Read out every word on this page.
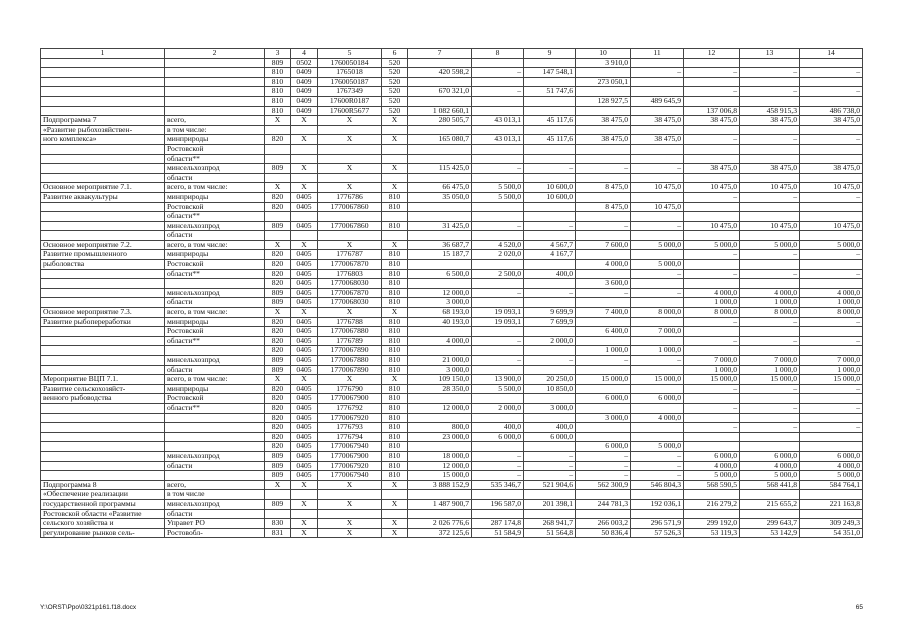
1	2	3	4	5	6	7	8	9	10	11	12	13	14
		809	0502	1760050184	520				3 910,0				
		810	0409	1765018	520	420 598,2	–	147 548,1		–	–	–	–
		810	0409	1760050187	520				273 050,1				
		810	0409	1767349	520	670 321,0	–	51 747,6			–	–	–
		810	0409	17600R0187	520				128 927,5	489 645,9			
		810	0409	17600R5677	520	1 082 660,1					137 006,8	458 915,3	486 738,0
Подпрограмма 7	всего,	X	X	X	X	280 505,7	43 013,1	45 117,6	38 475,0	38 475,0	38 475,0	38 475,0	38 475,0
«Развитие рыбохозяйствен-	в том числе:												
ного комплекса»	минприроды	820	X	X	X	165 080,7	43 013,1	45 117,6	38 475,0	38 475,0	–	–	–
	Ростовской												
	области**												
	минсельхозпрод	809	X	X	X	115 425,0	–	–	–	–	38 475,0	38 475,0	38 475,0
	области												
Основное мероприятие 7.1.	всего, в том числе:	X	X	X	X	66 475,0	5 500,0	10 600,0	8 475,0	10 475,0	10 475,0	10 475,0	10 475,0
Развитие аквакультуры	минприроды	820	0405	1776786	810	35 050,0	5 500,0	10 600,0			–	–	–
	Ростовской	820	0405	1770067860	810				8 475,0	10 475,0			
	области**												
	минсельхозпрод	809	0405	1770067860	810	31 425,0	–	–	–	–	10 475,0	10 475,0	10 475,0
	области												
Основное мероприятие 7.2.	всего, в том числе:	X	X	X	X	36 687,7	4 520,0	4 567,7	7 600,0	5 000,0	5 000,0	5 000,0	5 000,0
Развитие промышленного	минприроды	820	0405	1776787	810	15 187,7	2 020,0	4 167,7			–	–	–
рыболовства	Ростовской	820	0405	1770067870	810				4 000,0	5 000,0			
	области**	820	0405	1776803	810	6 500,0	2 500,0	400,0		–	–	–	–
		820	0405	1770068030	810				3 600,0				
	минсельхозпрод	809	0405	1770067870	810	12 000,0	–	–	–	–	4 000,0	4 000,0	4 000,0
	области	809	0405	1770068030	810	3 000,0					1 000,0	1 000,0	1 000,0
Основное мероприятие 7.3.	всего, в том числе:	X	X	X	X	68 193,0	19 093,1	9 699,9	7 400,0	8 000,0	8 000,0	8 000,0	8 000,0
Развитие рыбопереработки	минприроды	820	0405	1776788	810	40 193,0	19 093,1	7 699,9			–	–	–
	Ростовской	820	0405	1770067880	810				6 400,0	7 000,0			
	области**	820	0405	1776789	810	4 000,0	–	2 000,0			–	–	–
		820	0405	1770067890	810				1 000,0	1 000,0			
	минсельхозпрод	809	0405	1770067880	810	21 000,0	–	–	–	–	7 000,0	7 000,0	7 000,0
	области	809	0405	1770067890	810	3 000,0					1 000,0	1 000,0	1 000,0
Мероприятие ВЦП 7.1.	всего, в том числе:	X	X	X	X	109 150,0	13 900,0	20 250,0	15 000,0	15 000,0	15 000,0	15 000,0	15 000,0
Развитие сельскохозяйст-	минприроды	820	0405	1776790	810	28 350,0	5 500,0	10 850,0			–	–	–
венного рыбоводства	Ростовской	820	0405	1770067900	810				6 000,0	6 000,0			
	области**	820	0405	1776792	810	12 000,0	2 000,0	3 000,0			–	–	–
		820	0405	1770067920	810				3 000,0	4 000,0			
		820	0405	1776793	810	800,0	400,0	400,0			–	–	–
		820	0405	1776794	810	23 000,0	6 000,0	6 000,0					
		820	0405	1770067940	810				6 000,0	5 000,0			
	минсельхозпрод	809	0405	1770067900	810	18 000,0	–	–	–	–	6 000,0	6 000,0	6 000,0
	области	809	0405	1770067920	810	12 000,0	–	–	–	–	4 000,0	4 000,0	4 000,0
		809	0405	1770067940	810	15 000,0	–	–	–	–	5 000,0	5 000,0	5 000,0
Подпрограмма 8	всего,	X	X	X	X	3 888 152,9	535 346,7	521 904,6	562 300,9	546 804,3	568 590,5	568 441,8	584 764,1
«Обеспечение реализации	в том числе												
государственной программы	минсельхозпрод	809	X	X	X	1 487 900,7	196 587,0	201 398,1	244 781,3	192 036,1	216 279,2	215 655,2	221 163,8
Ростовской области «Развитие	области												
сельского хозяйства и	Управет РО	830	X	X	X	2 026 776,6	287 174,8	268 941,7	266 003,2	296 571,9	299 192,0	299 643,7	309 249,3
регулирование рынков сель-	Ростовобл-	831	X	X	X	372 125,6	51 584,9	51 564,8	50 836,4	57 526,3	53 119,3	53 142,9	54 351,0
Y:\ORST\Ppo\0321p161.f18.docx	65
